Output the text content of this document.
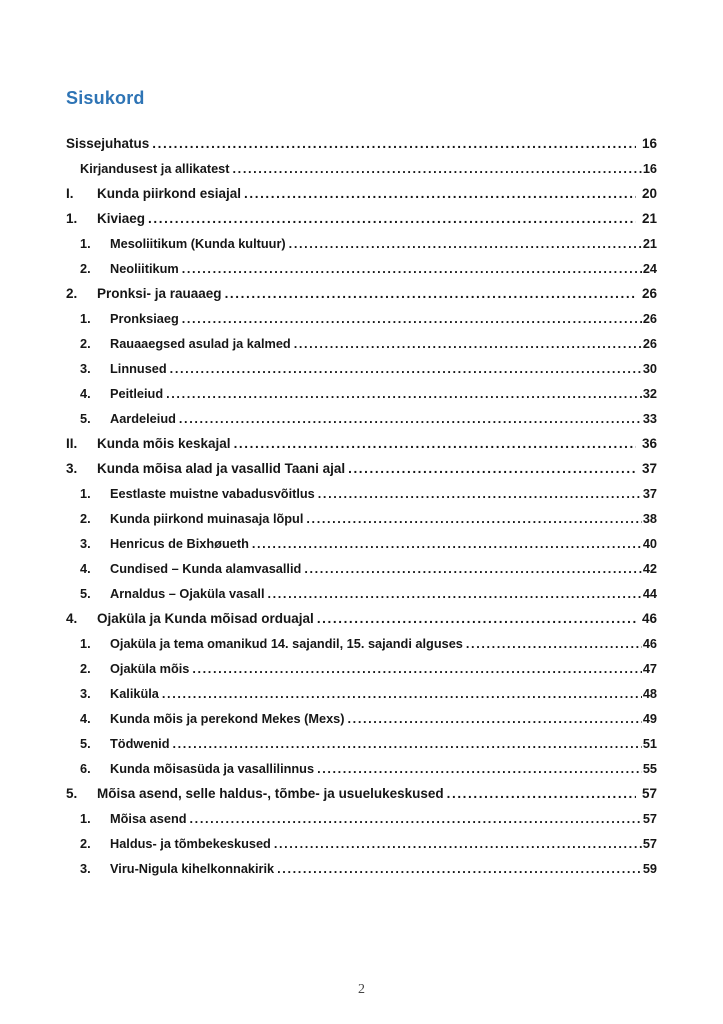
Sisukord
Sissejuhatus .....	16
Kirjandusest ja allikatest .....	16
I.	Kunda piirkond esiajal .....	20
1.	Kiviaeg .....	21
1.	Mesoliitikum (Kunda kultuur) .....	21
2.	Neoliitikum .....	24
2.	Pronksi- ja rauaaeg .....	26
1.	Pronksiaeg .....	26
2.	Rauaaegsed asulad ja kalmed .....	26
3.	Linnused .....	30
4.	Peitleiud .....	32
5.	Aardeleiud .....	33
II.	Kunda mõis keskajal .....	36
3.	Kunda mõisa alad ja vasallid Taani ajal .....	37
1.	Eestlaste muistne vabadusvõitlus .....	37
2.	Kunda piirkond muinasaja lõpul .....	38
3.	Henricus de Bixhøueth .....	40
4.	Cundised – Kunda alamvasallid .....	42
5.	Arnaldus – Ojaküla vasall .....	44
4.	Ojaküla ja Kunda mõisad orduajal .....	46
1.	Ojaküla ja tema omanikud 14. sajandil, 15. sajandi alguses .....	46
2.	Ojaküla mõis .....	47
3.	Kaliküla .....	48
4.	Kunda mõis ja perekond Mekes (Mexs) .....	49
5.	Tödwenid .....	51
6.	Kunda mõisasüda ja vasallilinnus .....	55
5.	Mõisa asend, selle haldus-, tõmbe- ja usuelukeskused .....	57
1.	Mõisa asend .....	57
2.	Haldus- ja tõmbekeskused .....	57
3.	Viru-Nigula kihelkonnakirik .....	59
2
